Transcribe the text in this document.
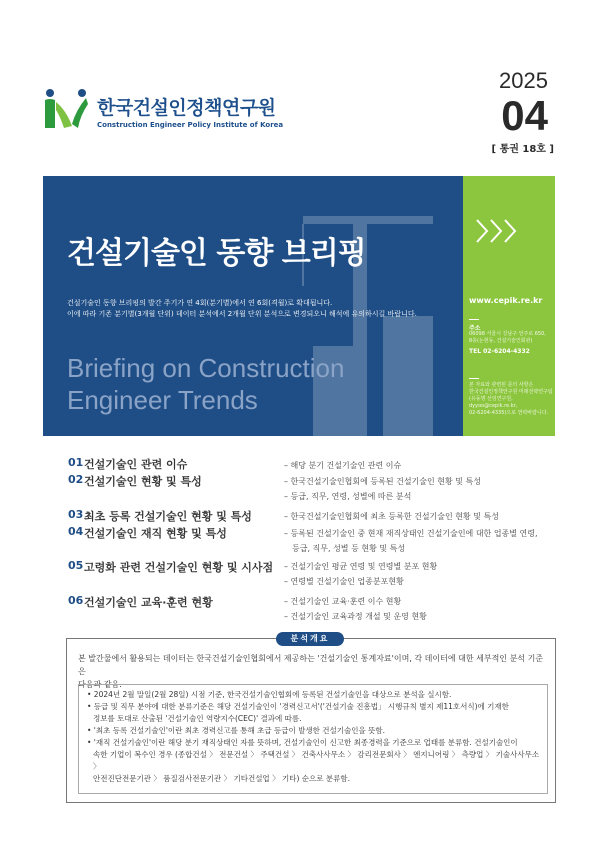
한국건설인정책연구원
Construction Engineer Policy Institute of Korea
2025
04
[ 통권 18호 ]
건설기술인 동향 브리핑
건설기술인 동향 브리핑의 발간 주기가 연 4회(분기별)에서 연 6회(격월)로 확대됩니다.
이에 따라 기존 분기별(3개월 단위) 데이터 분석에서 2개월 단위 분석으로 변경되오니 해석에 유의하시길 바랍니다.
Briefing on Construction
Engineer Trends
www.cepik.re.kr
주소
06098 서울시 강남구 언주로 650,
8층(논현동, 건설기술인회관)
TEL 02-6204-4332
본 자료와 관련된 문의 사항은
한국건설인정책연구원 미래전략연구팀
(유동명 선임연구원, dyyoo@cepik.re.kr,
02-6204-4335)으로 연락바랍니다.
01 건설기술인 관련 이슈
02 건설기술인 현황 및 특성
03 최초 등록 건설기술인 현황 및 특성
04 건설기술인 재직 현황 및 특성
05 고령화 관련 건설기술인 현황 및 시사점
06 건설기술인 교육·훈련 현황
– 해당 분기 건설기술인 관련 이슈
– 한국건설기술인협회에 등록된 건설기술인 현황 및 특성
– 등급, 직무, 연령, 성별에 따른 분석
– 한국건설기술인협회에 최초 등록한 건설기술인 현황 및 특성
– 등록된 건설기술인 중 현재 재직상태인 건설기술인에 대한 업종별 연령,
등급, 직무, 성별 등 현황 및 특성
– 건설기술인 평균 연령 및 연령별 분포 현황
– 연령별 건설기술인 업종분포현황
– 건설기술인 교육·훈련 이수 현황
– 건설기술인 교육과정 개설 및 운영 현황
분석개요
본 발간물에서 활용되는 데이터는 한국건설기술인협회에서 제공하는 '건설기술인 통계자료'이며, 각 데이터에 대한 세부적인 분석 기준은
다음과 같음.
• 2024년 2월 말일(2월 28일) 시점 기준, 한국건설기술인협회에 등록된 건설기술인을 대상으로 분석을 실시함.
• 등급 및 직무 분야에 대한 분류기준은 해당 건설기술인이 '경력신고서'('건설기술 진흥법」 시행규칙 별지 제11호서식)에 기재한
정보를 토대로 산출된 '건설기술인 역량지수(CEC)' 결과에 따름.
• '최초 등록 건설기술인'이란 최초 경력신고를 통해 초급 등급이 발생한 건설기술인을 뜻함.
• '재직 건설기술인'이란 해당 분기 재직상태인 자를 뜻하며, 건설기술인이 신고한 최종경력을 기준으로 업태를 분류함. 건설기술인이
속한 기업이 복수인 경우 (종합건설 〉 전문건설 〉 주택건설 〉 건축사사무소 〉 감리전문회사 〉 엔지니어링 〉 측량업 〉 기술사사무소 〉
안전진단전문기관 〉 품질검사전문기관 〉 기타건설업 〉 기타) 순으로 분류함.
